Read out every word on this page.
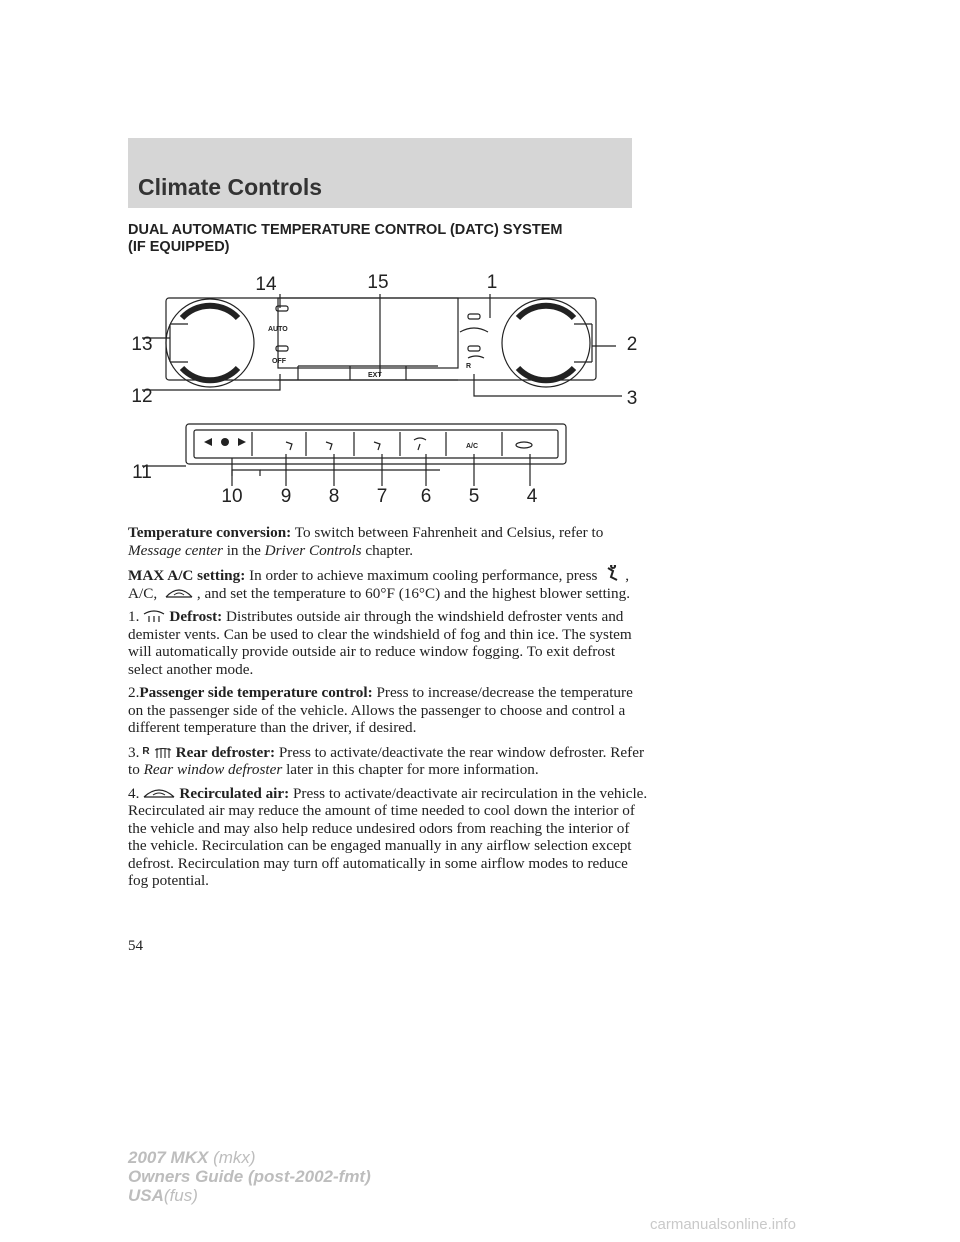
Climate Controls
DUAL AUTOMATIC TEMPERATURE CONTROL (DATC) SYSTEM
(IF EQUIPPED)
AUTO
OFF
EXT
A/C
R
14	15	1
13	2
12	3
11
10 9 8 7 6 5 4

Temperature conversion: To switch between Fahrenheit and Celsius, refer to Message center in the Driver Controls chapter.

MAX A/C setting: In order to achieve maximum cooling performance, press , A/C, , and set the temperature to 60°F (16°C) and the highest blower setting.

1. Defrost: Distributes outside air through the windshield defroster vents and demister vents. Can be used to clear the windshield of fog and thin ice. The system will automatically provide outside air to reduce window fogging. To exit defrost select another mode.

2.Passenger side temperature control: Press to increase/decrease the temperature on the passenger side of the vehicle. Allows the passenger to choose and control a different temperature than the driver, if desired.

3. R Rear defroster: Press to activate/deactivate the rear window defroster. Refer to Rear window defroster later in this chapter for more information.

4.	Recirculated air: Press to activate/deactivate air recirculation in the vehicle. Recirculated air may reduce the amount of time needed to cool down the interior of the vehicle and may also help reduce undesired odors from reaching the interior of the vehicle. Recirculation can be engaged manually in any airflow selection except defrost. Recirculation may turn off automatically in some airflow modes to reduce fog potential.

54
2007 MKX (mkx)
Owners Guide (post-2002-fmt)
USA(fus)
carmanualsonline.info
